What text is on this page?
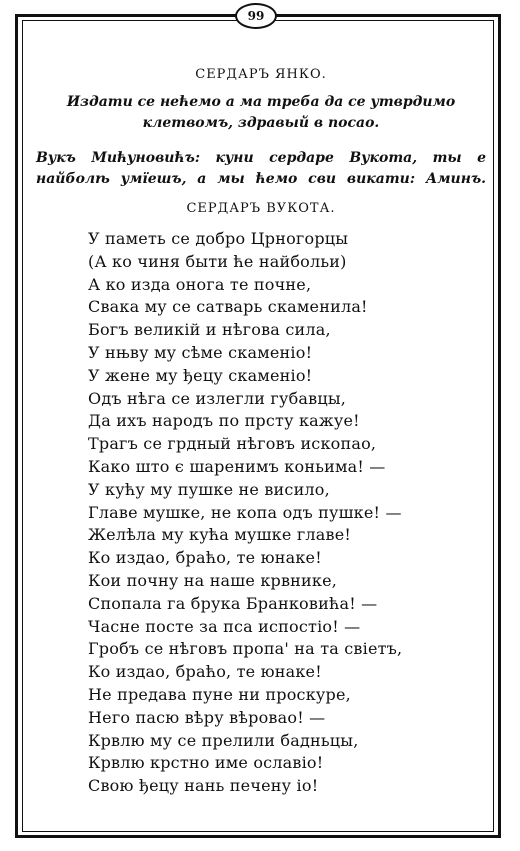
99

СЕРДАРЪ ЯНКО.

Издати се нећемо а ма треба да се утврдимо
клетвомъ, здравый в посао.

Вукъ Мићуновићъ: куни сердаре Вукота, ты е
найболѣ умїешъ, а мы ћемо сви викати: Аминъ.

СЕРДАРЪ ВУКОТА.

У паметь се добро Црногорцы
(А ко чиня быти ће найбольи)
А ко изда онога те почне,
Свака му се сатварь скаменила!
Богъ великій и нѣгова сила,
У нњву му сѣме скаменіо!
У жене му ђецу скаменіо!
Одъ нѣга се излегли губавцы,
Да ихъ народъ по прсту кажуе!
Трагъ се грдный нѣговъ ископао,
Како што є шаренимъ коньима! —
У кућу му пушке не висило,
Главе мушке, не копа одъ пушке! —
Желѣла му кућа мушке главе!
Ко издао, браћо, те юнаке!
Кои почну на наше крвнике,
Спопала га брука Бранковића! —
Часне посте за пса испостіо! —
Гробъ се нѣговъ пропа' на та свіетъ,
Ко издао, браћо, те юнаке!
Не предава пуне ни проскуре,
Него пасю вѣру вѣровао! —
Крвлю му се прелили бадньцы,
Крвлю крстно име ославіо!
Свою ђецу нань печену іо!
